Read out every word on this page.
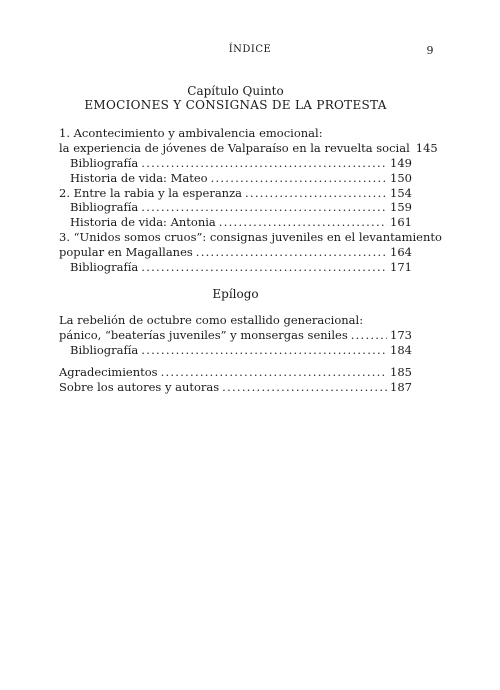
ÍNDICE	9
Capítulo Quinto
EMOCIONES Y CONSIGNAS DE LA PROTESTA
1. Acontecimiento y ambivalencia emocional:
la experiencia de jóvenes de Valparaíso en la revuelta social 145
Bibliografía . . .	149
Historia de vida: Mateo . . .	150
2. Entre la rabia y la esperanza . . .	154
Bibliografía . . .	159
Historia de vida: Antonia . . .	161
3. “Unidos somos cruos”: consignas juveniles en el levantamiento
popular en Magallanes . . .	164
Bibliografía . . .	171
Epílogo
La rebelión de octubre como estallido generacional:
pánico, “beaterías juveniles” y monsergas seniles . . .	173
Bibliografía . . .	184
Agradecimientos . . .	185
Sobre los autores y autoras . . .	187
